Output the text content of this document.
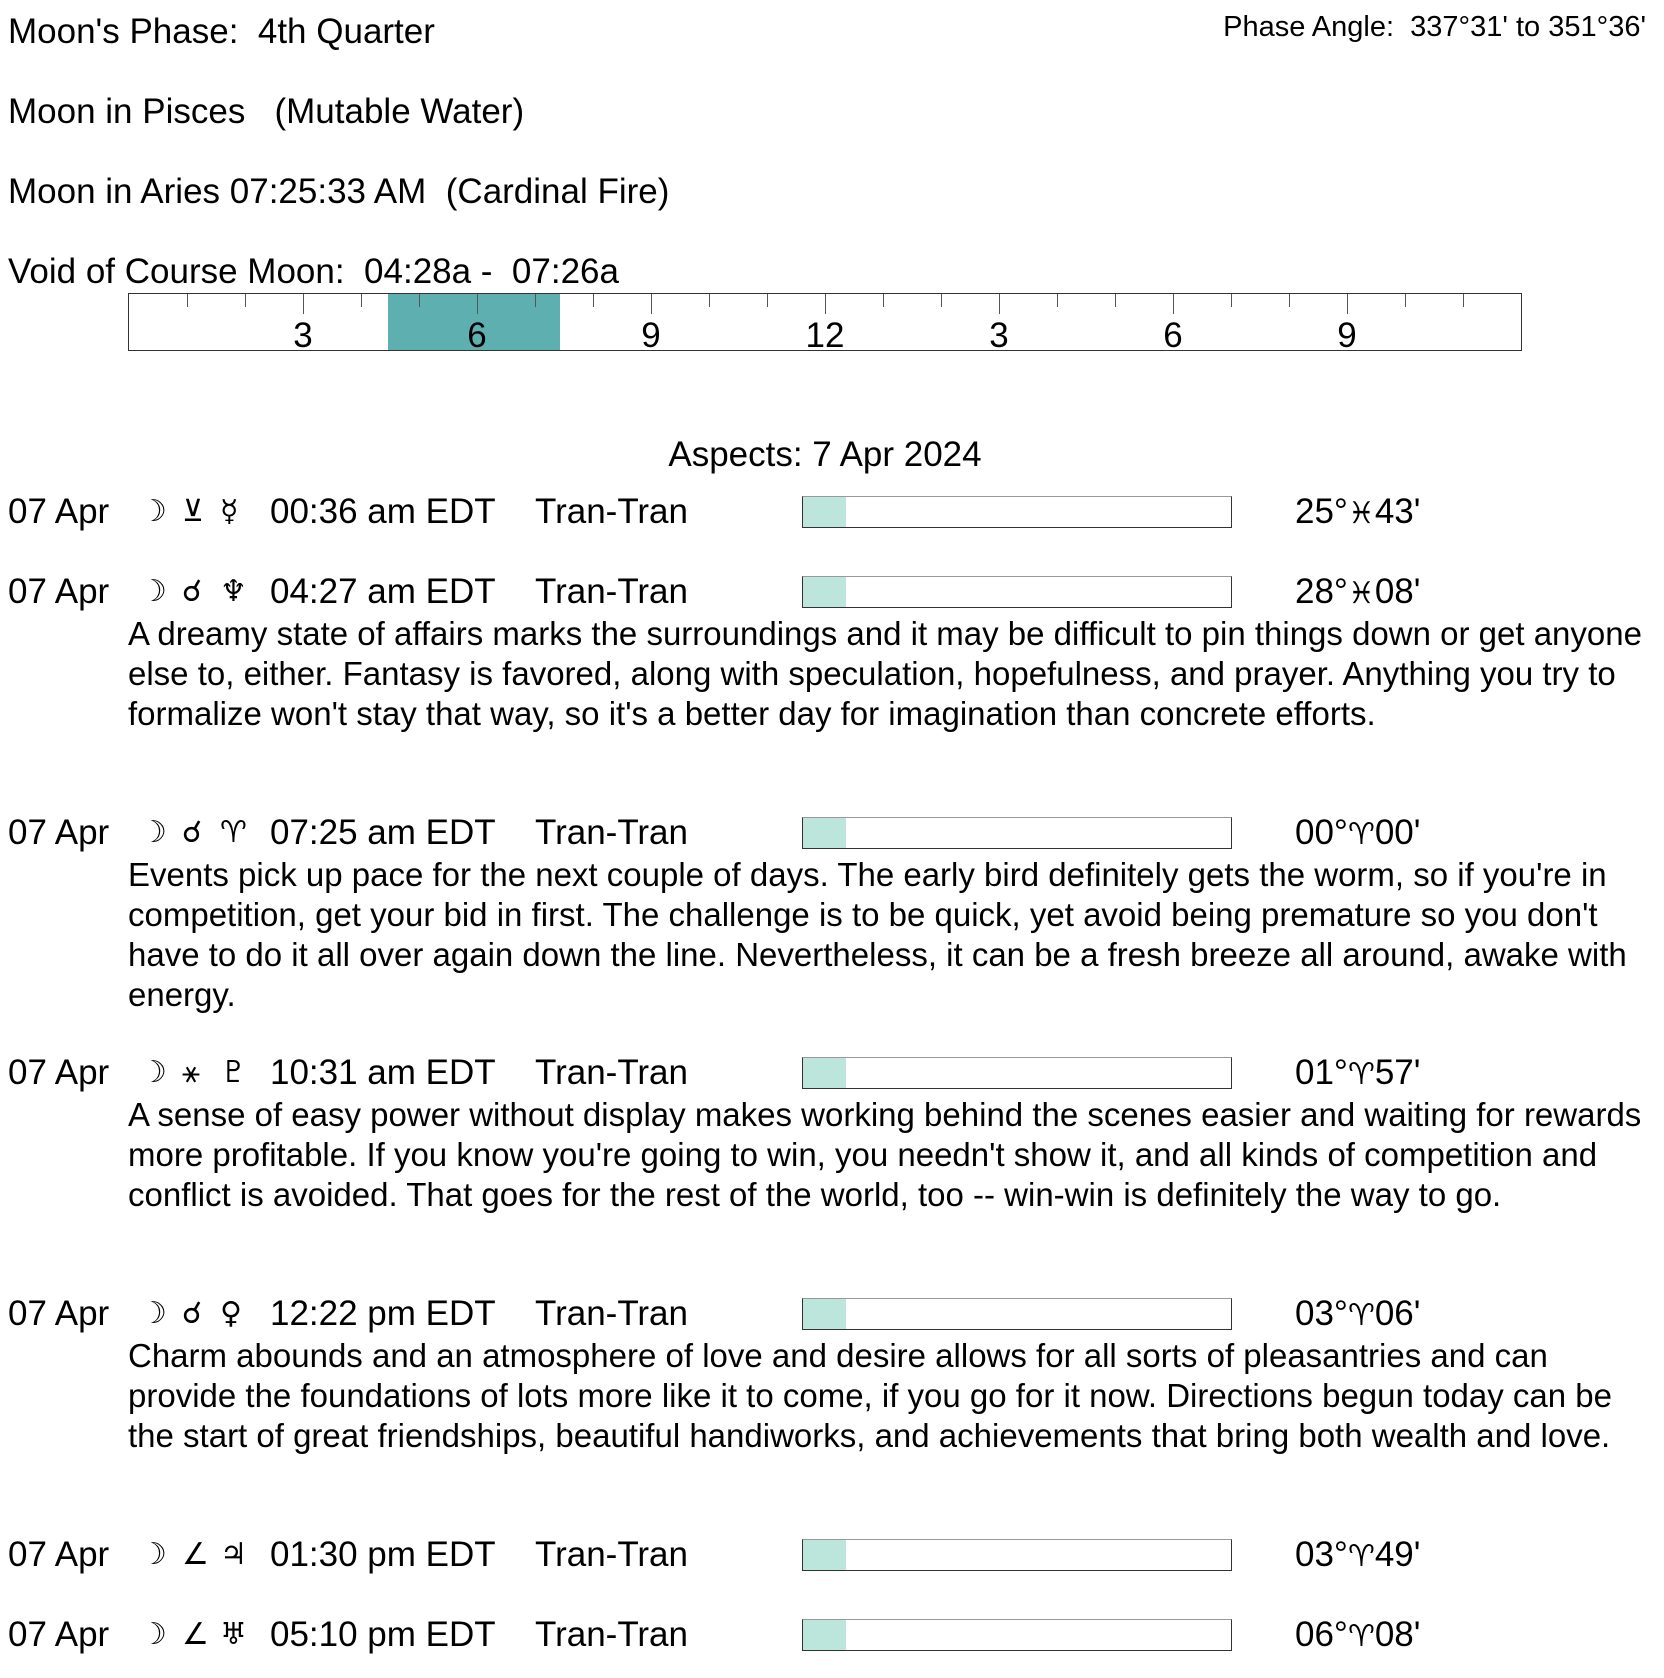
Moon's Phase:  4th Quarter	Phase Angle:  337°31' to 351°36'
Moon in Pisces   (Mutable Water)
Moon in Aries 07:25:33 AM  (Cardinal Fire)
Void of Course Moon:  04:28a -  07:26a
3	6	9	12	3	6	9
Aspects: 7 Apr 2024
07 Apr ☽ ⊻ ☿ 00:36 am EDT Tran-Tran	25°♓43'
07 Apr ☽ ☌ ♆ 04:27 am EDT Tran-Tran	28°♓08'
A dreamy state of affairs marks the surroundings and it may be difficult to pin things down or get anyone else to, either. Fantasy is favored, along with speculation, hopefulness, and prayer. Anything you try to formalize won't stay that way, so it's a better day for imagination than concrete efforts.
07 Apr ☽ ☌ ♈ 07:25 am EDT Tran-Tran	00°♈00'
Events pick up pace for the next couple of days. The early bird definitely gets the worm, so if you're in competition, get your bid in first. The challenge is to be quick, yet avoid being premature so you don't have to do it all over again down the line. Nevertheless, it can be a fresh breeze all around, awake with energy.
07 Apr ☽ ⚹ ♇ 10:31 am EDT Tran-Tran	01°♈57'
A sense of easy power without display makes working behind the scenes easier and waiting for rewards more profitable. If you know you're going to win, you needn't show it, and all kinds of competition and conflict is avoided. That goes for the rest of the world, too -- win-win is definitely the way to go.
07 Apr ☽ ☌ ♀ 12:22 pm EDT Tran-Tran	03°♈06'
Charm abounds and an atmosphere of love and desire allows for all sorts of pleasantries and can provide the foundations of lots more like it to come, if you go for it now. Directions begun today can be the start of great friendships, beautiful handiworks, and achievements that bring both wealth and love.
07 Apr ☽ ∠ ♃ 01:30 pm EDT Tran-Tran	03°♈49'
07 Apr ☽ ∠ ♅ 05:10 pm EDT Tran-Tran	06°♈08'
